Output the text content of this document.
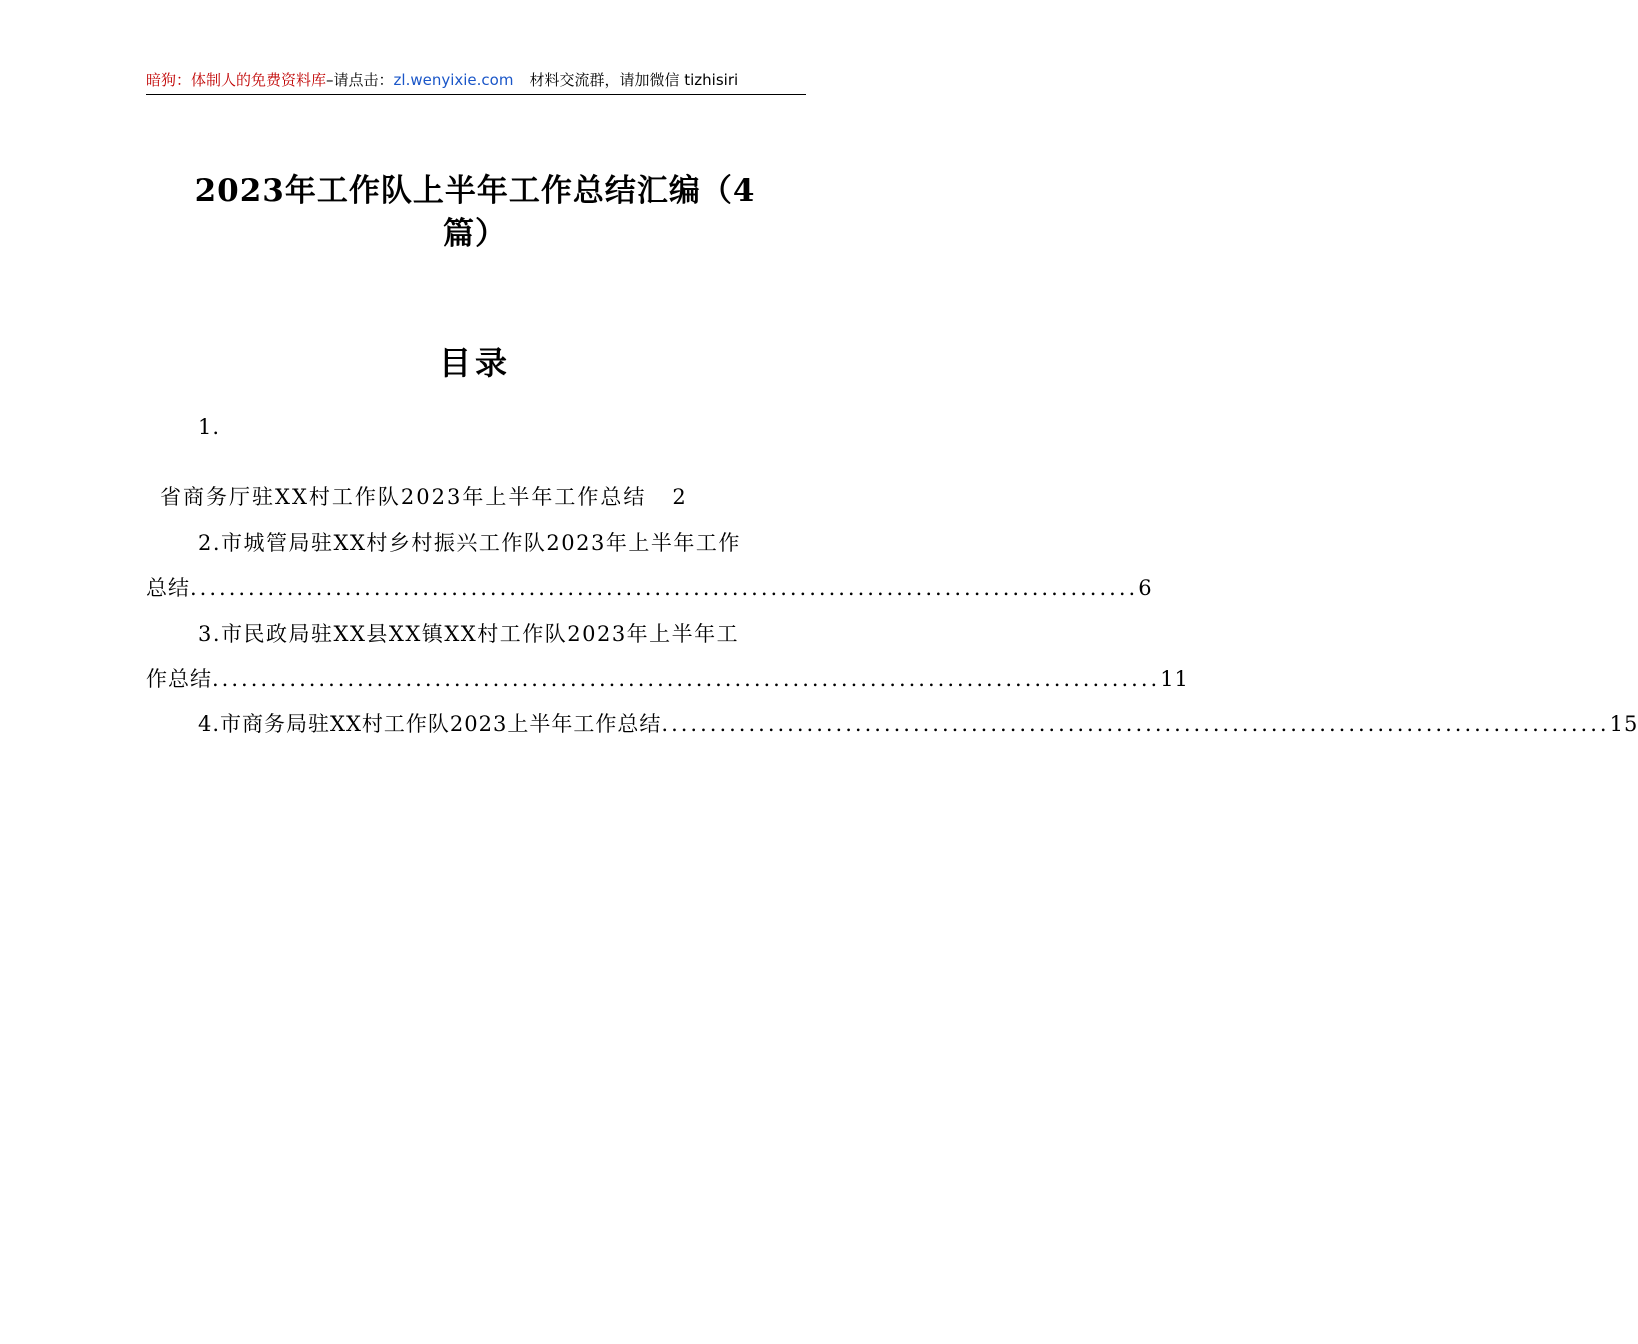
暗狗：体制人的免费资料库–请点击：zl.wenyixie.com 材料交流群，请加微信 tizhisiri
2023年工作队上半年工作总结汇编（4
篇）
目录
1.
省商务厅驻XX村工作队2023年上半年工作总结 2
2.市城管局驻XX村乡村振兴工作队2023年上半年工作
总结 .................................................................................................. 6
3.市民政局驻XX县XX镇XX村工作队2023年上半年工
作总结 .................................................................................................. 11
4.市商务局驻XX村工作队2023上半年工作总结 .................................................................................................. 15
